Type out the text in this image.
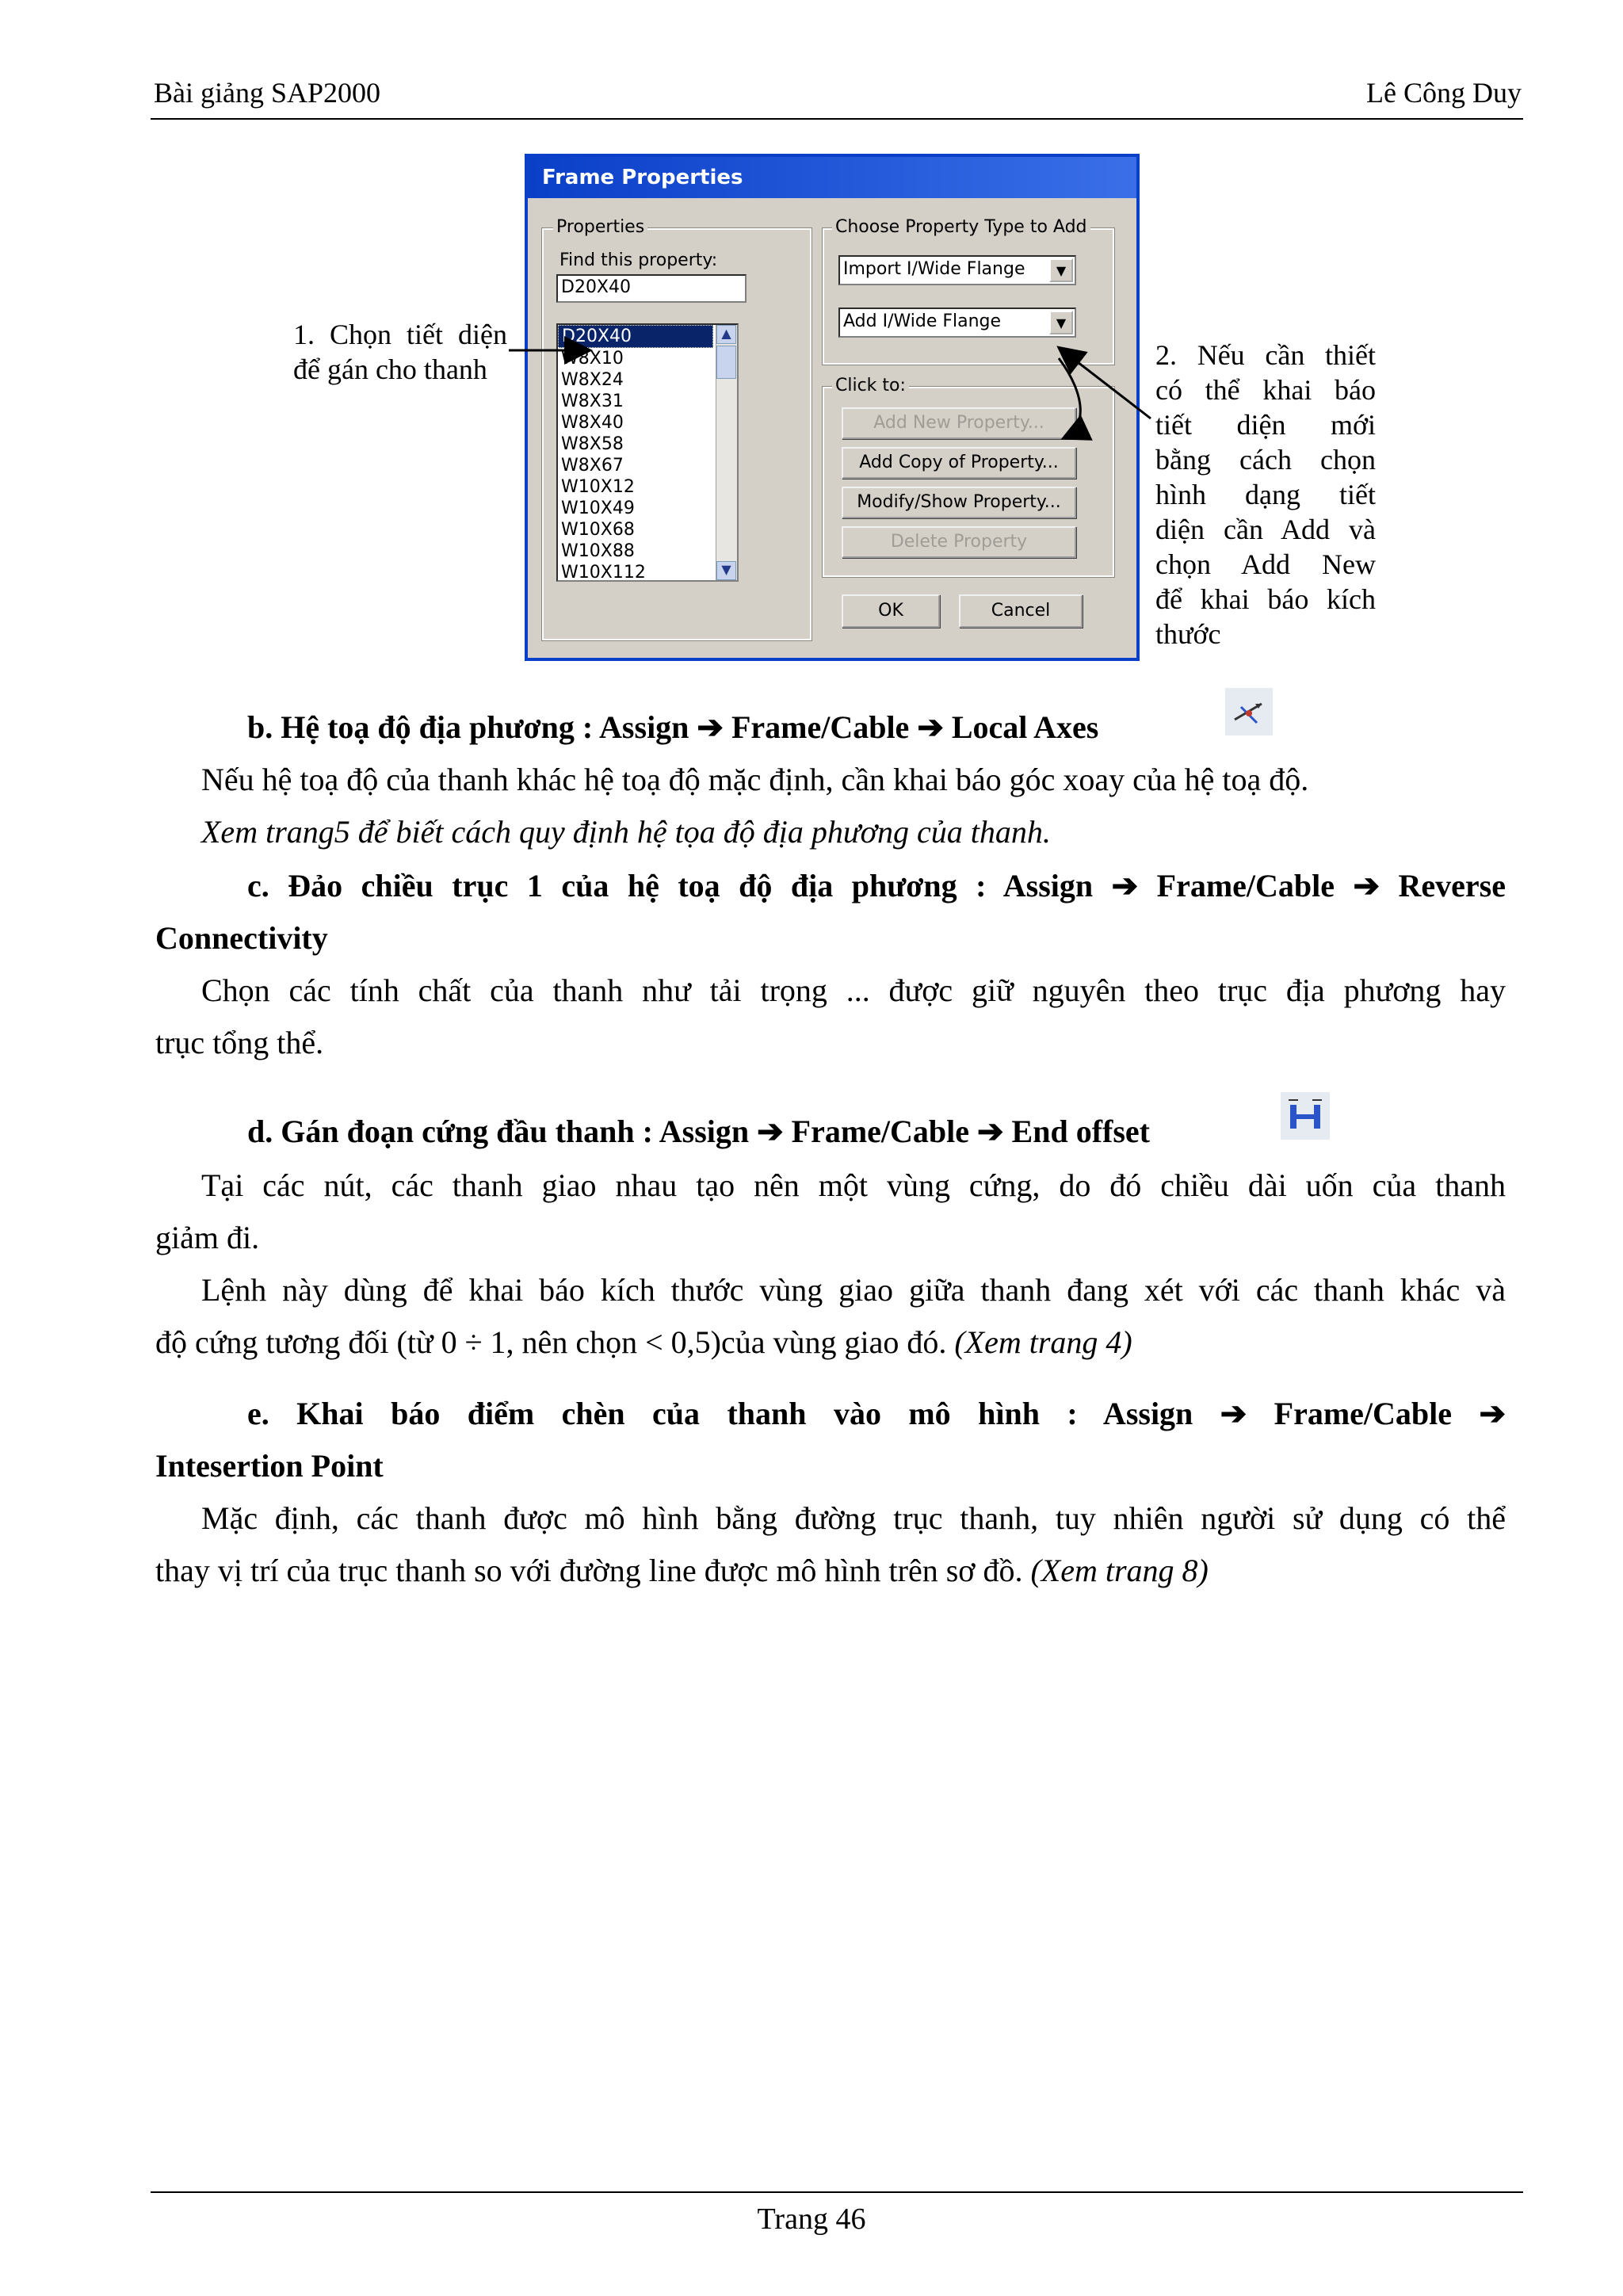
Bài giảng SAP2000	Lê Công Duy
Frame Properties
Properties
Find this property:
D20X40
D20X40
W8X10
W8X24
W8X31
W8X40
W8X58
W8X67
W10X12
W10X49
W10X68
W10X88
W10X112
▲
▼
Choose Property Type to Add
Import I/Wide Flange	▼
Add I/Wide Flange	▼
Click to:
Add New Property...
Add Copy of Property...
Modify/Show Property...
Delete Property
OK	Cancel
1. Chọn tiết diện
để gán cho thanh	2. Nếu cần thiết
có thể khai báo
tiết diện mới
bằng cách chọn
hình dạng tiết
diện cần Add và
chọn Add New
để khai báo kích
thước
b. Hệ toạ độ địa phương : Assign ➔ Frame/Cable ➔ Local Axes
Nếu hệ toạ độ của thanh khác hệ toạ độ mặc định, cần khai báo góc xoay của hệ toạ độ.
Xem trang5 để biết cách quy định hệ tọa độ địa phương của thanh.
c. Đảo chiều trục 1 của hệ toạ độ địa phương : Assign ➔ Frame/Cable ➔ Reverse
Connectivity
Chọn các tính chất của thanh như tải trọng ... được giữ nguyên theo trục địa phương hay
trục tổng thể.
d. Gán đoạn cứng đầu thanh : Assign ➔ Frame/Cable ➔ End offset
Tại các nút, các thanh giao nhau tạo nên một vùng cứng, do đó chiều dài uốn của thanh
giảm đi.
Lệnh này dùng để khai báo kích thước vùng giao giữa thanh đang xét với các thanh khác và
độ cứng tương đối (từ 0 ÷ 1, nên chọn < 0,5)của vùng giao đó. (Xem trang 4)
e. Khai báo điểm chèn của thanh vào mô hình : Assign ➔ Frame/Cable ➔
Intesertion Point
Mặc định, các thanh được mô hình bằng đường trục thanh, tuy nhiên người sử dụng có thể
thay vị trí của trục thanh so với đường line được mô hình trên sơ đồ. (Xem trang 8)
Trang 46
